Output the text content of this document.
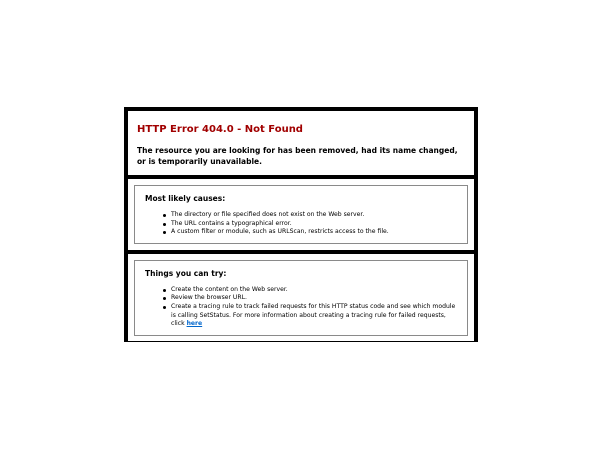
HTTP Error 404.0 - Not Found

The resource you are looking for has been removed, had its name changed, or is temporarily unavailable.

Most likely causes:
The directory or file specified does not exist on the Web server.
The URL contains a typographical error.
A custom filter or module, such as URLScan, restricts access to the file.
Things you can try:
Create the content on the Web server.
Review the browser URL.
Create a tracing rule to track failed requests for this HTTP status code and see which module is calling SetStatus. For more information about creating a tracing rule for failed requests, click here
